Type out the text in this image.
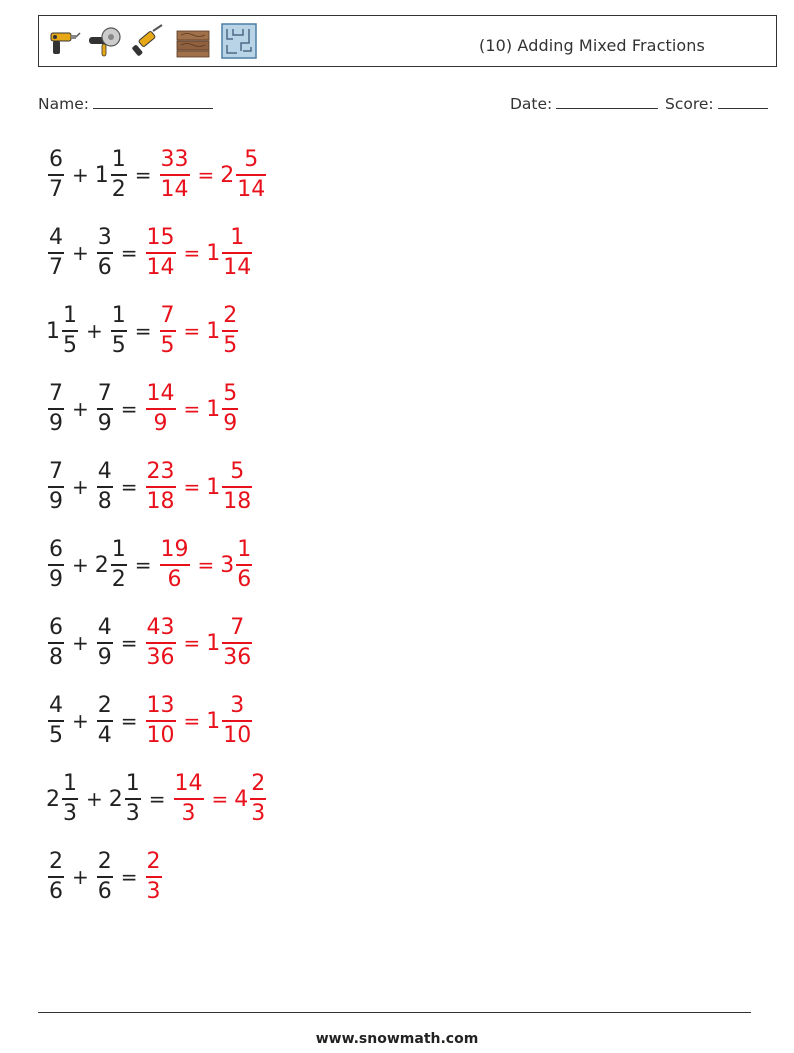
(10) Adding Mixed Fractions
Name:	Date:	Score:
$\frac{6}{7} + 1 \frac{1}{2} = \frac{33}{14} = 2 \frac{5}{14}$
$\frac{4}{7} + \frac{3}{6} = \frac{15}{14} = 1 \frac{1}{14}$
$1 \frac{1}{5} + \frac{1}{5} = \frac{7}{5} = 1 \frac{2}{5}$
$\frac{7}{9} + \frac{7}{9} = \frac{14}{9} = 1 \frac{5}{9}$
$\frac{7}{9} + \frac{4}{8} = \frac{23}{18} = 1 \frac{5}{18}$
$\frac{6}{9} + 2 \frac{1}{2} = \frac{19}{6} = 3 \frac{1}{6}$
$\frac{6}{8} + \frac{4}{9} = \frac{43}{36} = 1 \frac{7}{36}$
$\frac{4}{5} + \frac{2}{4} = \frac{13}{10} = 1 \frac{3}{10}$
$2 \frac{1}{3} + 2 \frac{1}{3} = \frac{14}{3} = 4 \frac{2}{3}$
$\frac{2}{6} + \frac{2}{6} = \frac{2}{3}$
www.snowmath.com
